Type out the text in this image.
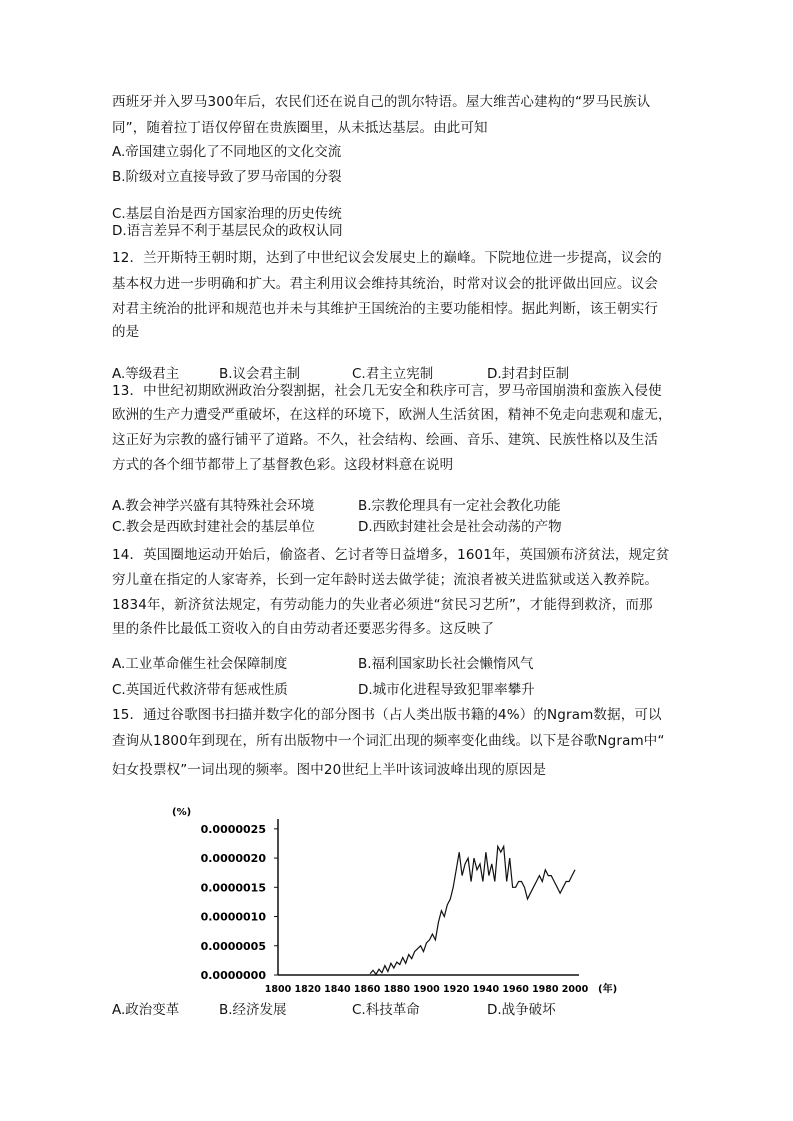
西班牙并入罗马300年后，农民们还在说自己的凯尔特语。屋大维苦心建构的“罗马民族认
同”，随着拉丁语仅停留在贵族圈里，从未抵达基层。由此可知
A.帝国建立弱化了不同地区的文化交流
B.阶级对立直接导致了罗马帝国的分裂
C.基层自治是西方国家治理的历史传统
D.语言差异不利于基层民众的政权认同
12．兰开斯特王朝时期，达到了中世纪议会发展史上的巅峰。下院地位进一步提高，议会的
基本权力进一步明确和扩大。君主利用议会维持其统治，时常对议会的批评做出回应。议会
对君主统治的批评和规范也并未与其维护王国统治的主要功能相悖。据此判断，该王朝实行
的是
A.等级君主	B.议会君主制	C.君主立宪制	D.封君封臣制
13．中世纪初期欧洲政治分裂割据，社会几无安全和秩序可言，罗马帝国崩溃和蛮族入侵使
欧洲的生产力遭受严重破坏，在这样的环境下，欧洲人生活贫困，精神不免走向悲观和虚无，
这正好为宗教的盛行铺平了道路。不久，社会结构、绘画、音乐、建筑、民族性格以及生活
方式的各个细节都带上了基督教色彩。这段材料意在说明
A.教会神学兴盛有其特殊社会环境	B.宗教伦理具有一定社会教化功能
C.教会是西欧封建社会的基层单位	D.西欧封建社会是社会动荡的产物
14．英国圈地运动开始后，偷盗者、乞讨者等日益增多，1601年，英国颁布济贫法，规定贫
穷儿童在指定的人家寄养，长到一定年龄时送去做学徒；流浪者被关进监狱或送入教养院。
1834年，新济贫法规定，有劳动能力的失业者必须进“贫民习艺所”，才能得到救济，而那
里的条件比最低工资收入的自由劳动者还要恶劣得多。这反映了
A.工业革命催生社会保障制度	B.福利国家助长社会懒惰风气
C.英国近代救济带有惩戒性质	D.城市化进程导致犯罪率攀升
15．通过谷歌图书扫描并数字化的部分图书（占人类出版书籍的4%）的Ngram数据，可以
查询从1800年到现在，所有出版物中一个词汇出现的频率变化曲线。以下是谷歌Ngram中“
妇女投票权”一词出现的频率。图中20世纪上半叶该词波峰出现的原因是
1800 1820 1840 1860 1880 1900 1920 1940 1960 1980 2000
0.0000000
0.0000005
0.0000010
0.0000015
0.0000020
0.0000025
(%)
(年)
A.政治变革	B.经济发展	C.科技革命	D.战争破坏
